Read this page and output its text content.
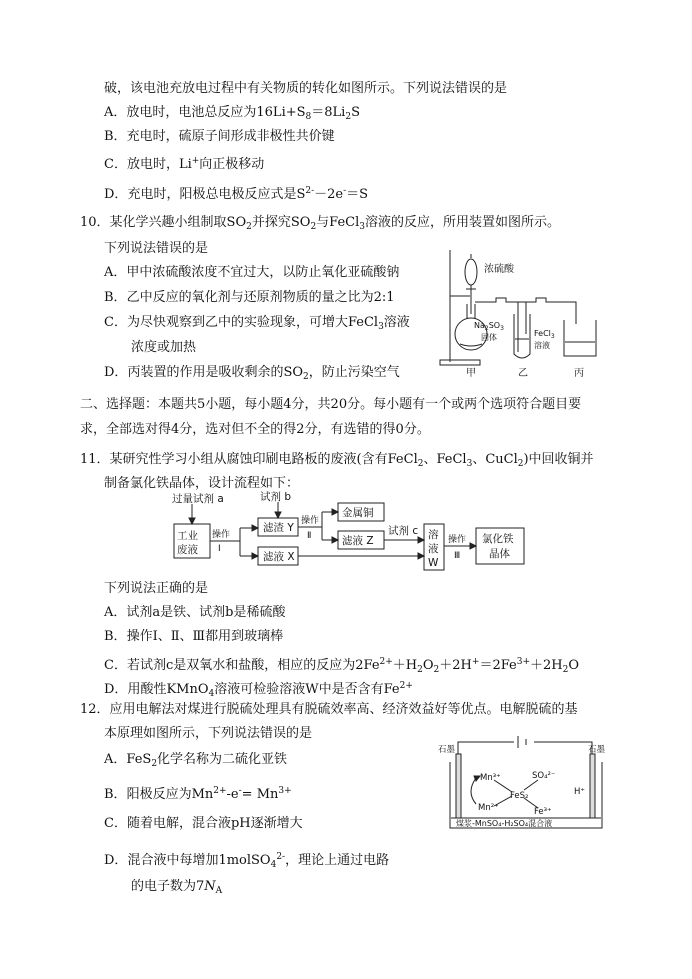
破，该电池充放电过程中有关物质的转化如图所示。下列说法错误的是
A．放电时，电池总反应为$16Li+S_8=8Li_2S$
B．充电时，硫原子间形成非极性共价键
C．放电时，Li+向正极移动
D．充电时，阳极总电极反应式是$S^{2-}-2e^-=S$
10．某化学兴趣小组制取$SO_2$并探究$SO_2$与FeCl$_3$溶液的反应，所用装置如图所示。
下列说法错误的是
A．甲中浓硫酸浓度不宜过大，以防止氧化亚硫酸钠
B．乙中反应的氧化剂与还原剂物质的量之比为2:1
C．为尽快观察到乙中的实验现象，可增大FeCl$_3$溶液
浓度或加热
D．丙装置的作用是吸收剩余的$SO_2$，防止污染空气
浓硫酸
$Na_2SO_3$
固体	FeCl$_3$
溶液
甲	乙	丙
二、选择题：本题共5小题，每小题4分，共20分。每小题有一个或两个选项符合题目要
求，全部选对得4分，选对但不全的得2分，有选错的得0分。
11．某研究性学习小组从腐蚀印刷电路板的废液(含有FeCl$_2$、FeCl$_3$、CuCl$_2$)中回收铜并
制备氯化铁晶体，设计流程如下：
过量试剂 a	试剂 b
工业
废液
操作
Ⅰ
滤渣 Y
滤液 X
操作
Ⅱ
金属铜
滤液 Z
试剂 c 溶
液
W
操作
Ⅲ
氯化铁
晶体
下列说法正确的是
A．试剂a是铁、试剂b是稀硫酸
B．操作Ⅰ、Ⅱ、Ⅲ都用到玻璃棒
C．若试剂c是双氧水和盐酸，相应的反应为$2Fe^{2+}+H_2O_2+2H^+=2Fe^{3+}+2H_2O$
D．用酸性KMnO$_4$溶液可检验溶液W中是否含有$Fe^{2+}$
12．应用电解法对煤进行脱硫处理具有脱硫效率高、经济效益好等优点。电解脱硫的基
本原理如图所示，下列说法错误的是
A．FeS$_2$化学名称为二硫化亚铁
B．阳极反应为$Mn^{2+}-e^-= Mn^{3+}$
C．随着电解，混合液pH逐渐增大
D．混合液中每增加1molSO$_4^{2-}$，理论上通过电路
的电子数为$7N_A$
石墨	石墨
Mn³⁺
Mn²⁺
SO₄²⁻
FeS₂
Fe³⁺
H⁺
煤浆-MnSO₄-H₂SO₄混合液
